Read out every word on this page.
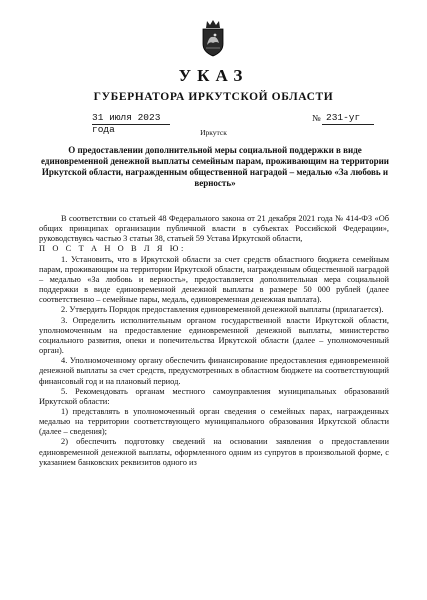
УКАЗ
ГУБЕРНАТОРА ИРКУТСКОЙ ОБЛАСТИ
31 июля 2023 года
№ 231-уг
Иркутск
О предоставлении дополнительной меры социальной поддержки в виде единовременной денежной выплаты семейным парам, проживающим на территории Иркутской области, награжденным общественной наградой – медалью «За любовь и верность»

В соответствии со статьей 48 Федерального закона от 21 декабря 2021 года № 414-ФЗ «Об общих принципах организации публичной власти в субъектах Российской Федерации», руководствуясь частью 3 статьи 38, статьей 59 Устава Иркутской области,

П О С Т А Н О В Л Я Ю:

1. Установить, что в Иркутской области за счет средств областного бюджета семейным парам, проживающим на территории Иркутской области, награжденным общественной наградой – медалью «За любовь и верность», предоставляется дополнительная мера социальной поддержки в виде единовременной денежной выплаты в размере 50 000 рублей (далее соответственно – семейные пары, медаль, единовременная денежная выплата).

2. Утвердить Порядок предоставления единовременной денежной выплаты (прилагается).

3. Определить исполнительным органом государственной власти Иркутской области, уполномоченным на предоставление единовременной денежной выплаты, министерство социального развития, опеки и попечительства Иркутской области (далее – уполномоченный орган).

4. Уполномоченному органу обеспечить финансирование предоставления единовременной денежной выплаты за счет средств, предусмотренных в областном бюджете на соответствующий финансовый год и на плановый период.

5. Рекомендовать органам местного самоуправления муниципальных образований Иркутской области:

1) представлять в уполномоченный орган сведения о семейных парах, награжденных медалью на территории соответствующего муниципального образования Иркутской области (далее – сведения);

2) обеспечить подготовку сведений на основании заявления о предоставлении единовременной денежной выплаты, оформленного одним из супругов в произвольной форме, с указанием банковских реквизитов одного из
